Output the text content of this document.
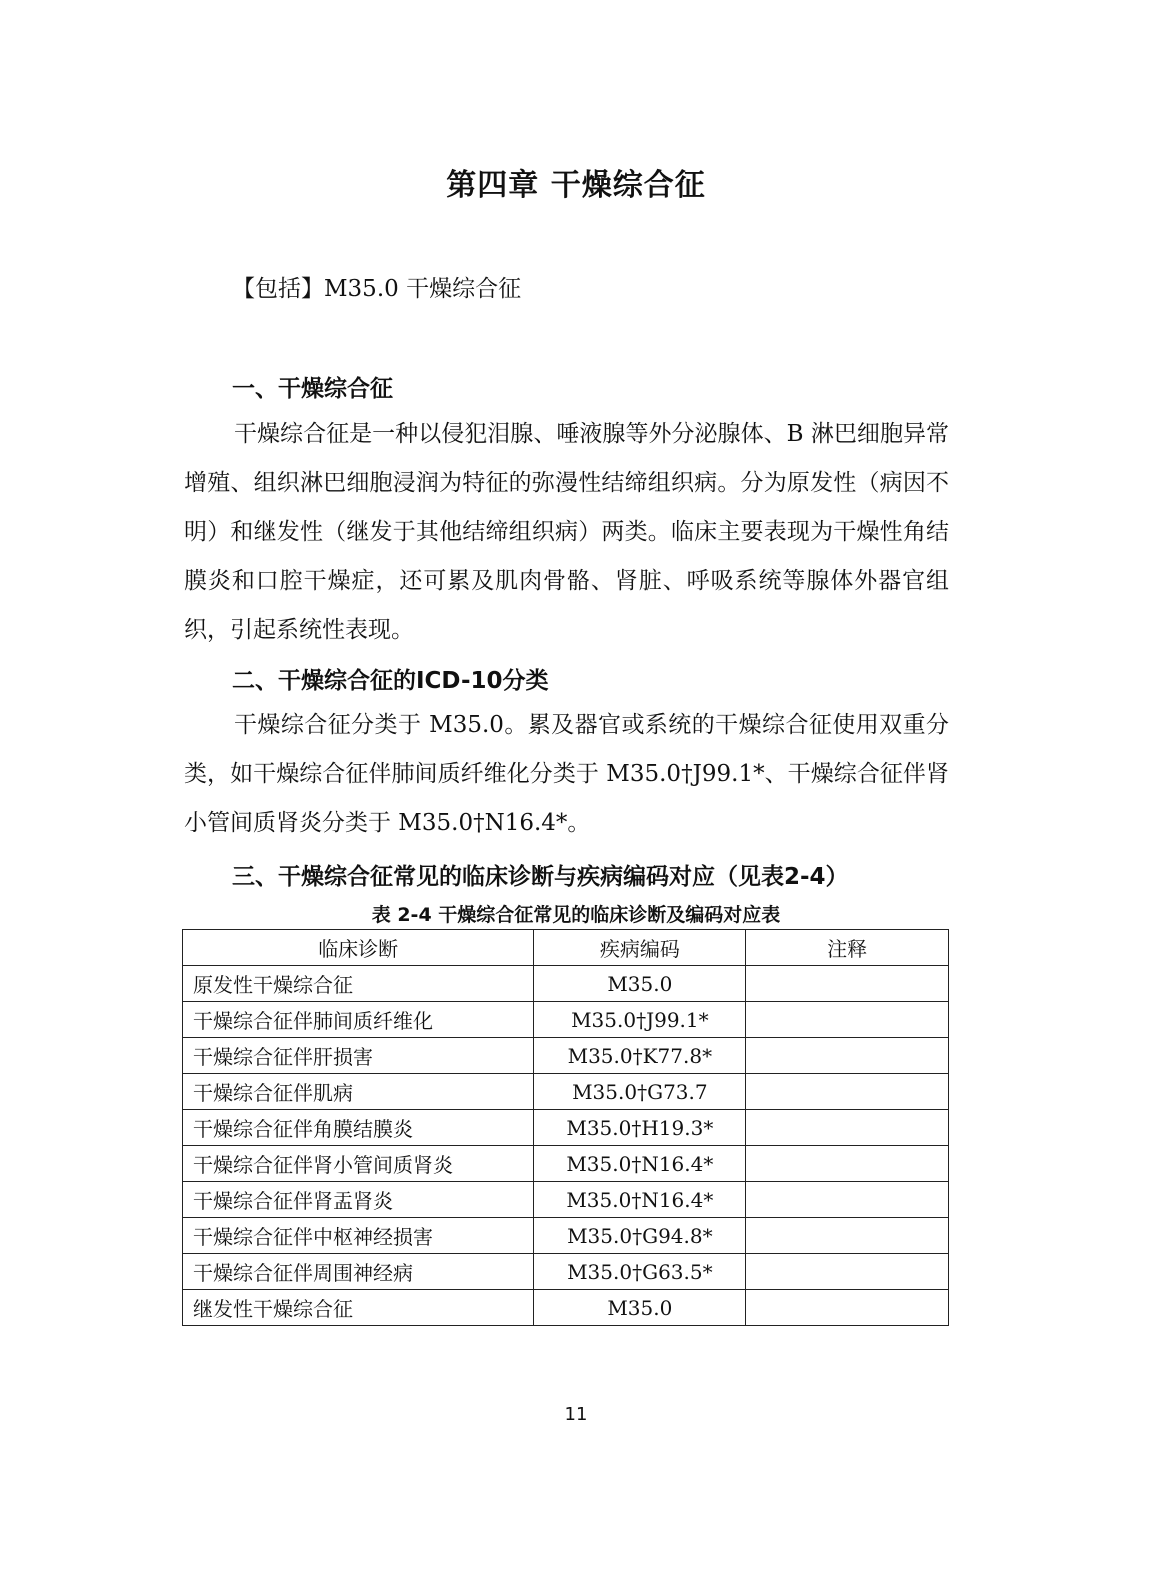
第四章 干燥综合征
【包括】M35.0 干燥综合征
一、干燥综合征

干燥综合征是一种以侵犯泪腺、唾液腺等外分泌腺体、B 淋巴细胞异常增殖、组织淋巴细胞浸润为特征的弥漫性结缔组织病。分为原发性（病因不明）和继发性（继发于其他结缔组织病）两类。临床主要表现为干燥性角结膜炎和口腔干燥症，还可累及肌肉骨骼、肾脏、呼吸系统等腺体外器官组织，引起系统性表现。

二、干燥综合征的ICD-10分类

干燥综合征分类于 M35.0。累及器官或系统的干燥综合征使用双重分类，如干燥综合征伴肺间质纤维化分类于 M35.0†J99.1*、干燥综合征伴肾小管间质肾炎分类于 M35.0†N16.4*。

三、干燥综合征常见的临床诊断与疾病编码对应（见表2-4）
表 2-4 干燥综合征常见的临床诊断及编码对应表
临床诊断	疾病编码	注释
原发性干燥综合征	M35.0	
干燥综合征伴肺间质纤维化	M35.0†J99.1*	
干燥综合征伴肝损害	M35.0†K77.8*	
干燥综合征伴肌病	M35.0†G73.7	
干燥综合征伴角膜结膜炎	M35.0†H19.3*	
干燥综合征伴肾小管间质肾炎	M35.0†N16.4*	
干燥综合征伴肾盂肾炎	M35.0†N16.4*	
干燥综合征伴中枢神经损害	M35.0†G94.8*	
干燥综合征伴周围神经病	M35.0†G63.5*	
继发性干燥综合征	M35.0	
11
